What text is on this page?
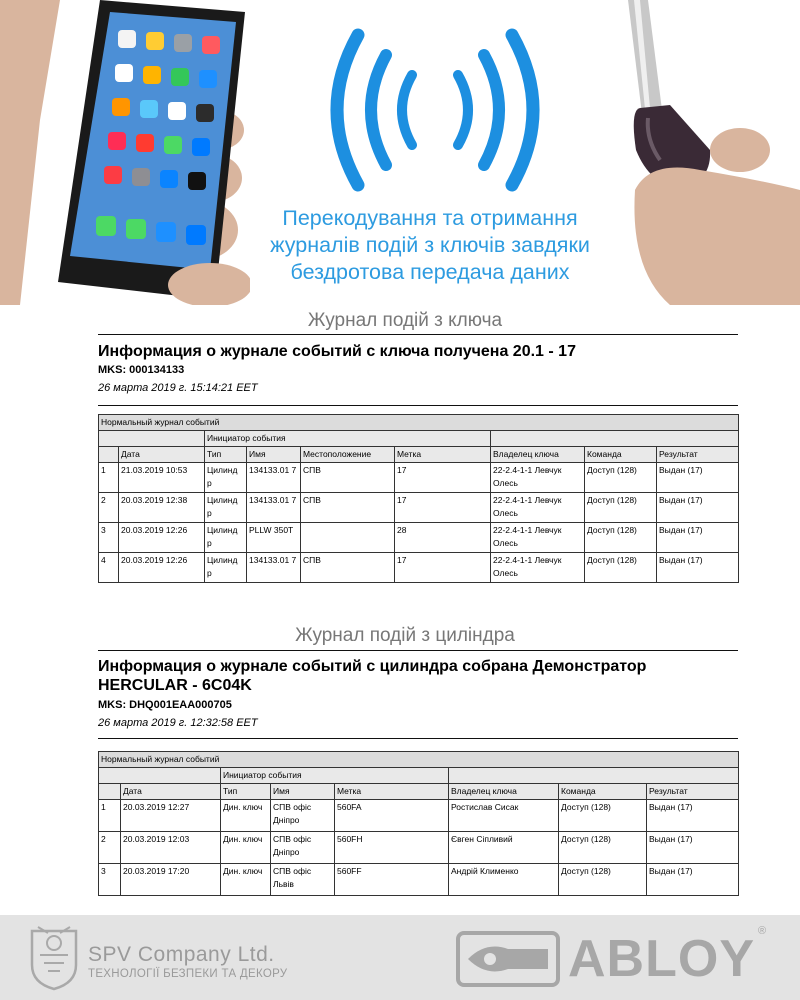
Перекодування та отримання
журналів подій з ключів завдяки
бездротова передача даних
Журнал подій з ключа
Информация о журнале событий с ключа получена 20.1 - 17
MKS: 000134133
26 марта 2019 г. 15:14:21 EET
Нормальный журнал событий								
		Инициатор события						
	Дата	Тип	Имя	Местоположение	Метка	Владелец ключа	Команда	Результат
1	21.03.2019 10:53	Цилинд р	134133.01 7	СПВ	17	22-2.4-1-1 Левчук Олесь	Доступ (128)	Выдан (17)
2	20.03.2019 12:38	Цилинд р	134133.01 7	СПВ	17	22-2.4-1-1 Левчук Олесь	Доступ (128)	Выдан (17)
3	20.03.2019 12:26	Цилинд р	PLLW 350T		28	22-2.4-1-1 Левчук Олесь	Доступ (128)	Выдан (17)
4	20.03.2019 12:26	Цилинд р	134133.01 7	СПВ	17	22-2.4-1-1 Левчук Олесь	Доступ (128)	Выдан (17)
Журнал подій з циліндра
Информация о журнале событий с цилиндра собрана Демонстратор HERCULAR - 6C04K
MKS: DHQ001EAA000705
26 марта 2019 г. 12:32:58 EET
Нормальный журнал событий							
		Инициатор события					
	Дата	Тип	Имя	Метка	Владелец ключа	Команда	Результат
1	20.03.2019 12:27	Дин. ключ	СПВ офіс Дніпро	560FA	Ростислав Сисак	Доступ (128)	Выдан (17)
2	20.03.2019 12:03	Дин. ключ	СПВ офіс Дніпро	560FH	Євген Сіпливий	Доступ (128)	Выдан (17)
3	20.03.2019 17:20	Дин. ключ	СПВ офіс Львів	560FF	Андрій Клименко	Доступ (128)	Выдан (17)
SPV Company Ltd.
ТЕХНОЛОГІЇ БЕЗПЕКИ ТА ДЕКОРУ	ABLOY ®
